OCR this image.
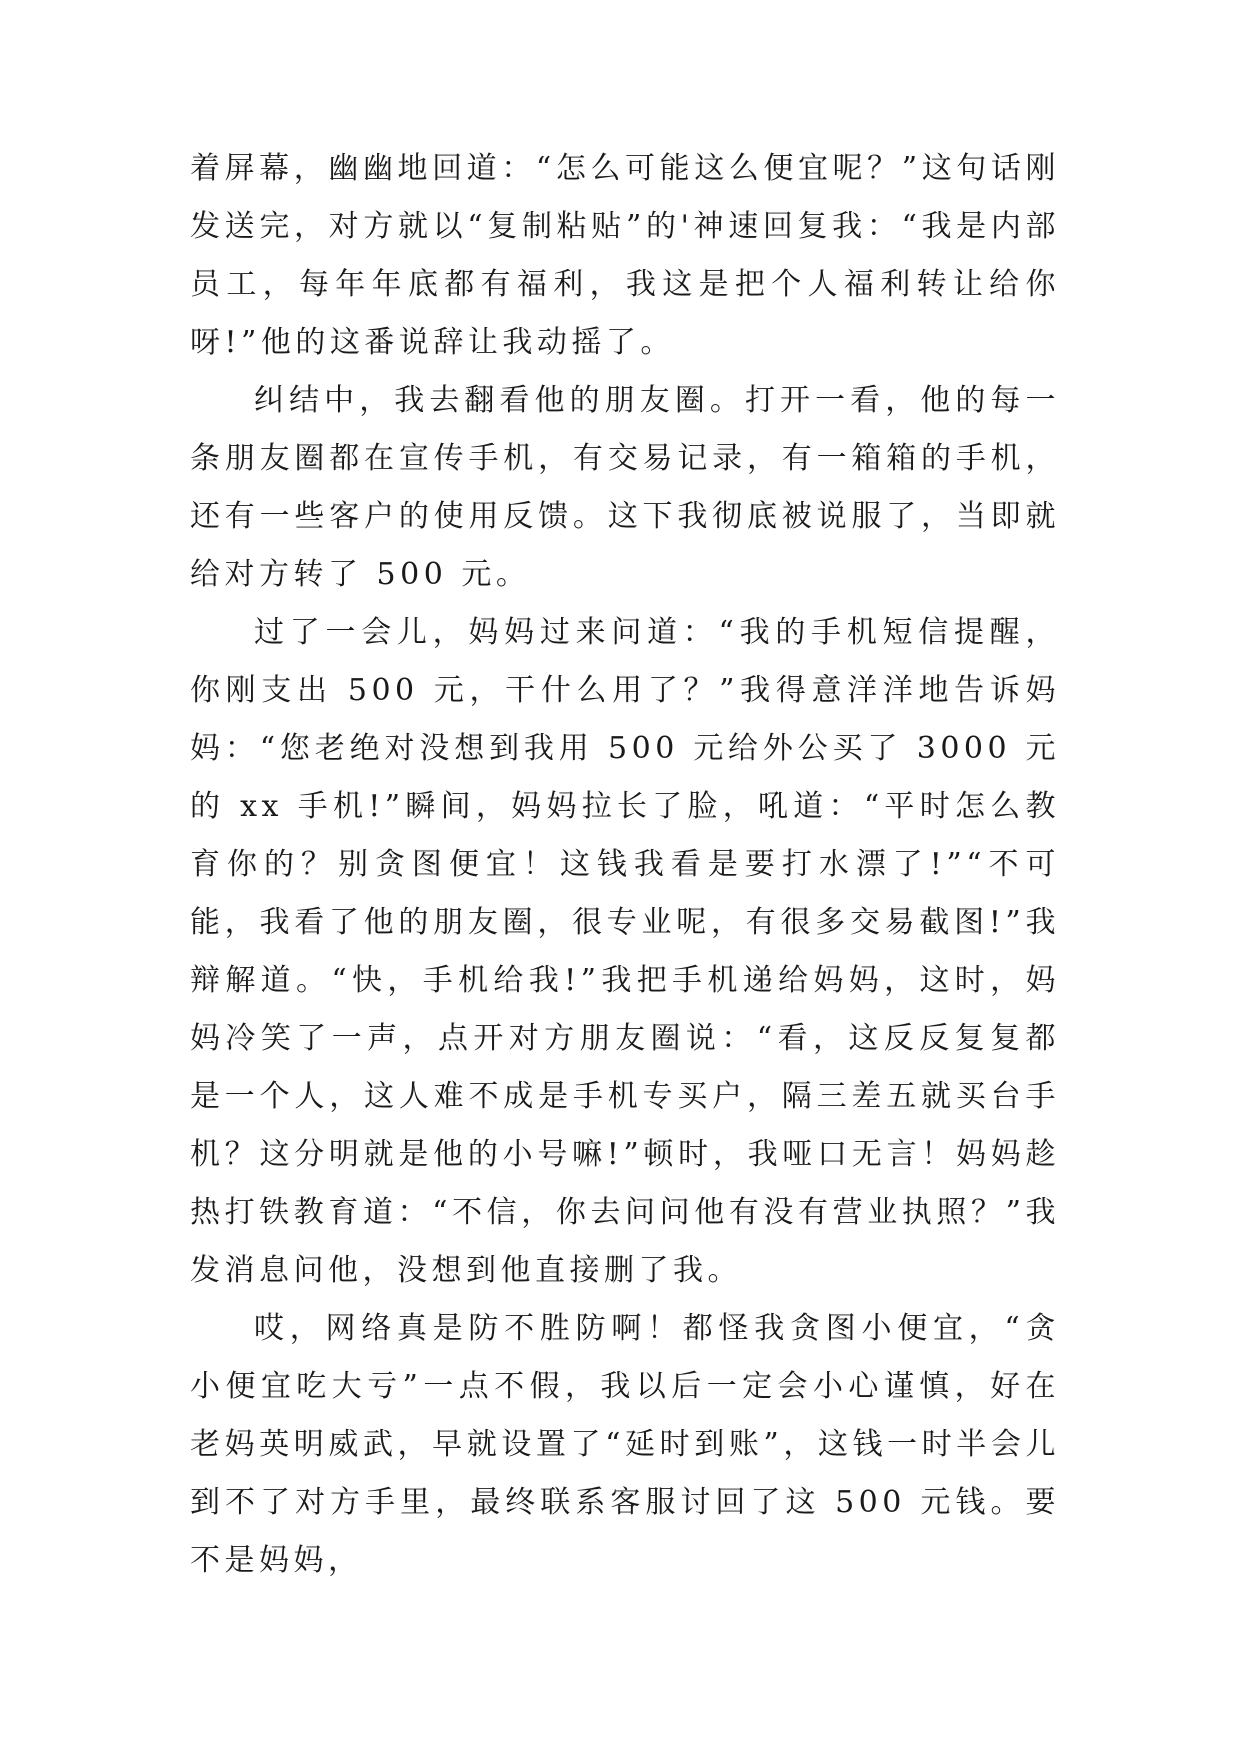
着屏幕，幽幽地回道：“怎么可能这么便宜呢？”这句话刚发送完，对方就以“复制粘贴”的'神速回复我：“我是内部员工，每年年底都有福利，我这是把个人福利转让给你呀!”他的这番说辞让我动摇了。

纠结中，我去翻看他的朋友圈。打开一看，他的每一条朋友圈都在宣传手机，有交易记录，有一箱箱的手机，还有一些客户的使用反馈。这下我彻底被说服了，当即就给对方转了 500 元。

过了一会儿，妈妈过来问道：“我的手机短信提醒，你刚支出 500 元，干什么用了？”我得意洋洋地告诉妈妈：“您老绝对没想到我用 500 元给外公买了 3000 元的 xx 手机!”瞬间，妈妈拉长了脸，吼道：“平时怎么教育你的？别贪图便宜！这钱我看是要打水漂了!”“不可能，我看了他的朋友圈，很专业呢，有很多交易截图!”我辩解道。“快，手机给我!”我把手机递给妈妈，这时，妈妈冷笑了一声，点开对方朋友圈说：“看，这反反复复都是一个人，这人难不成是手机专买户，隔三差五就买台手机？这分明就是他的小号嘛!”顿时，我哑口无言！妈妈趁热打铁教育道：“不信，你去问问他有没有营业执照？”我发消息问他，没想到他直接删了我。

哎，网络真是防不胜防啊！都怪我贪图小便宜，“贪小便宜吃大亏”一点不假，我以后一定会小心谨慎，好在老妈英明威武，早就设置了“延时到账”，这钱一时半会儿到不了对方手里，最终联系客服讨回了这 500 元钱。要不是妈妈，
